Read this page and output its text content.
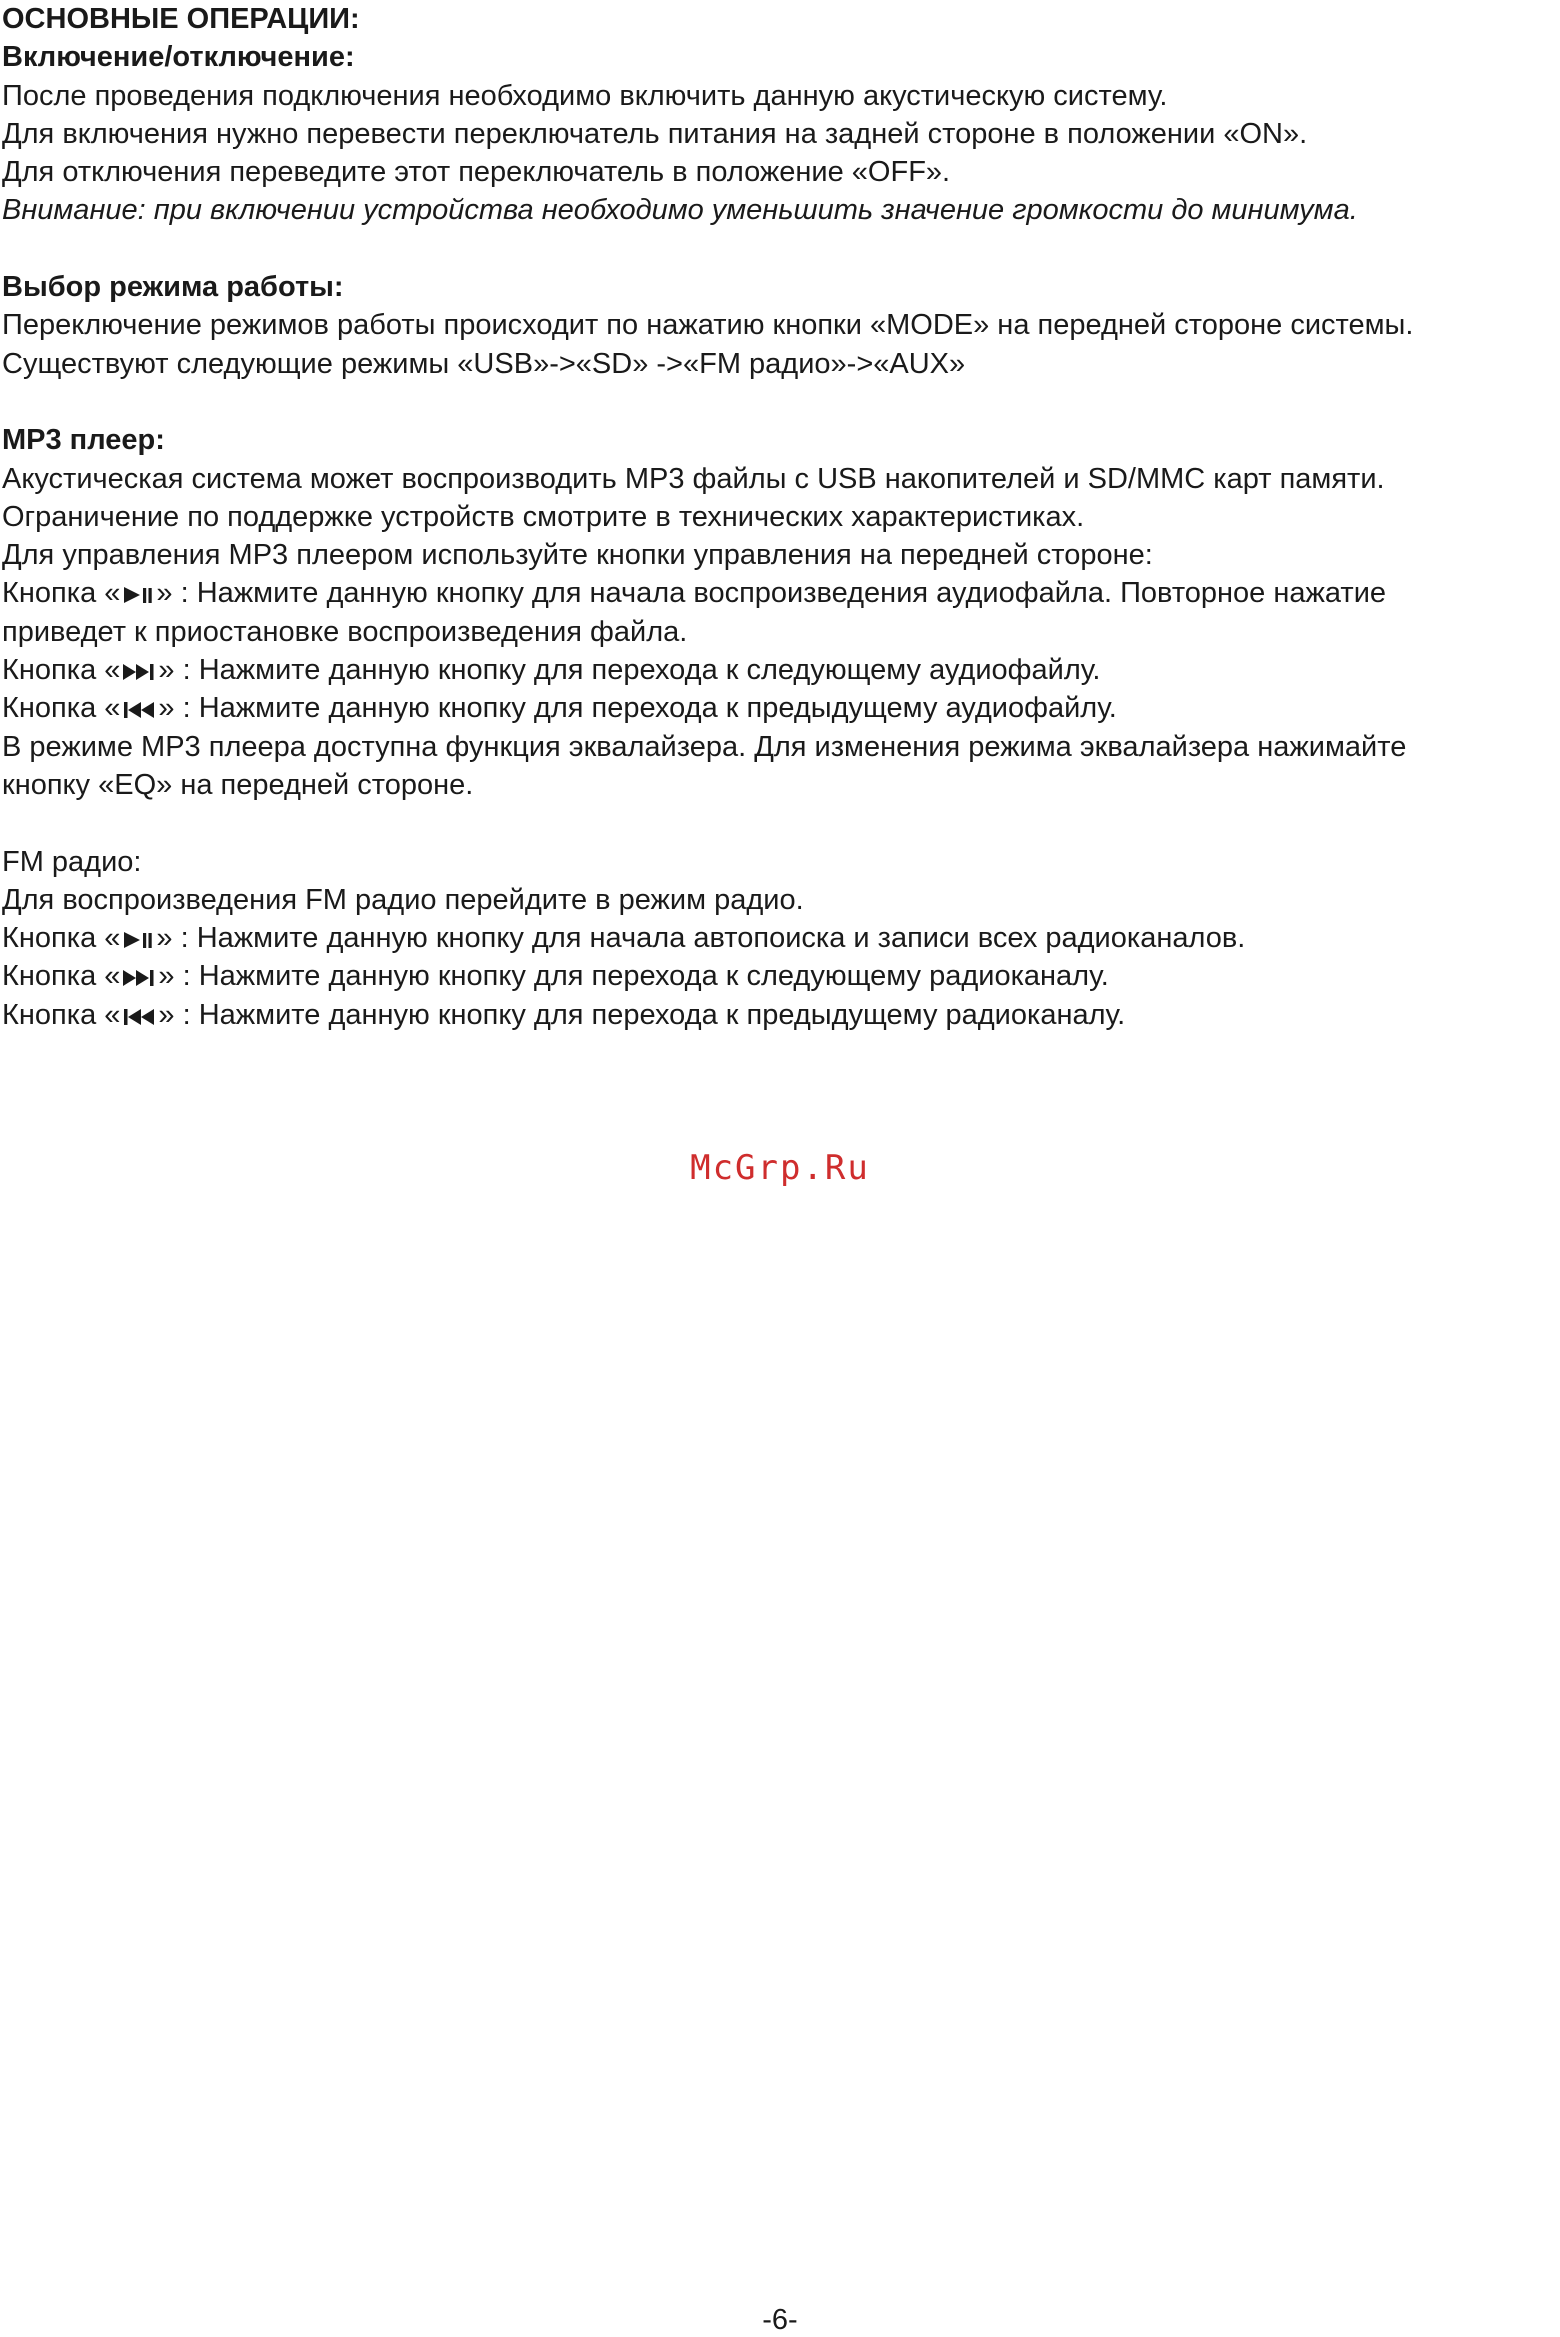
ОСНОВНЫЕ ОПЕРАЦИИ:
Включение/отключение:
После проведения подключения необходимо включить данную акустическую систему.
Для включения нужно перевести переключатель питания на задней стороне в положении «ON».
Для отключения переведите этот переключатель в положение «OFF».
Внимание: при включении устройства необходимо уменьшить значение громкости до минимума.
Выбор режима работы:
Переключение режимов работы происходит по нажатию кнопки «MODE» на передней стороне системы.
Существуют следующие режимы «USB»->«SD» ->«FM радио»->«AUX»
MP3 плеер:
Акустическая система может воспроизводить MP3 файлы с USB накопителей и SD/MMC карт памяти.
Ограничение по поддержке устройств смотрите в технических характеристиках.
Для управления MP3 плеером используйте кнопки управления на передней стороне:
Кнопка « » : Нажмите данную кнопку для начала воспроизведения аудиофайла. Повторное нажатие
приведет к приостановке воспроизведения файла.
Кнопка « » : Нажмите данную кнопку для перехода к следующему аудиофайлу.
Кнопка « » : Нажмите данную кнопку для перехода к предыдущему аудиофайлу.
В режиме MP3 плеера доступна функция эквалайзера. Для изменения режима эквалайзера нажимайте
кнопку «EQ» на передней стороне.
FM радио:
Для воспроизведения FM радио перейдите в режим радио.
Кнопка « » : Нажмите данную кнопку для начала автопоиска и записи всех радиоканалов.
Кнопка « » : Нажмите данную кнопку для перехода к следующему радиоканалу.
Кнопка « » : Нажмите данную кнопку для перехода к предыдущему радиоканалу.
McGrp.Ru
-6-
